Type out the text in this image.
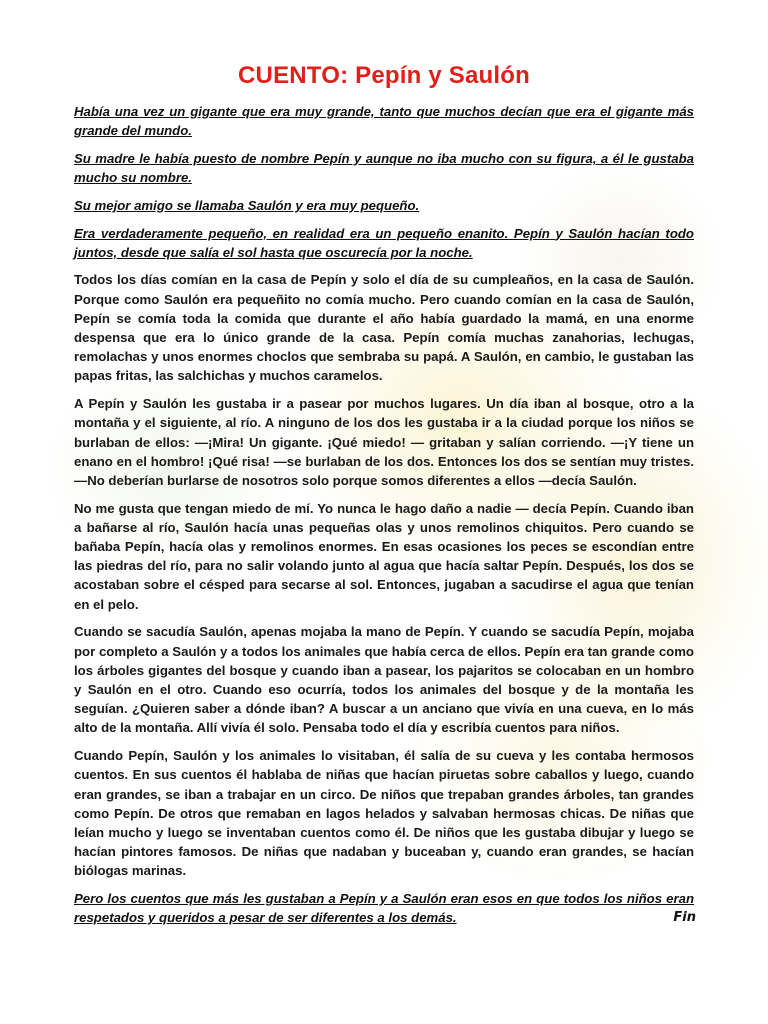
CUENTO: Pepín y Saulón

Había una vez un gigante que era muy grande, tanto que muchos decían que era el gigante más grande del mundo.

Su madre le había puesto de nombre Pepín y aunque no iba mucho con su figura, a él le gustaba mucho su nombre.

Su mejor amigo se llamaba Saulón y era muy pequeño.

Era verdaderamente pequeño, en realidad era un pequeño enanito. Pepín y Saulón hacían todo juntos, desde que salía el sol hasta que oscurecía por la noche.

Todos los días comían en la casa de Pepín y solo el día de su cumpleaños, en la casa de Saulón. Porque como Saulón era pequeñito no comía mucho. Pero cuando comían en la casa de Saulón, Pepín se comía toda la comida que durante el año había guardado la mamá, en una enorme despensa que era lo único grande de la casa. Pepín comía muchas zanahorias, lechugas, remolachas y unos enormes choclos que sembraba su papá. A Saulón, en cambio, le gustaban las papas fritas, las salchichas y muchos caramelos.

A Pepín y Saulón les gustaba ir a pasear por muchos lugares. Un día iban al bosque, otro a la montaña y el siguiente, al río. A ninguno de los dos les gustaba ir a la ciudad porque los niños se burlaban de ellos: —¡Mira! Un gigante. ¡Qué miedo! — gritaban y salían corriendo. —¡Y tiene un enano en el hombro! ¡Qué risa! —se burlaban de los dos. Entonces los dos se sentían muy tristes. —No deberían burlarse de nosotros solo porque somos diferentes a ellos —decía Saulón.

No me gusta que tengan miedo de mí. Yo nunca le hago daño a nadie — decía Pepín. Cuando iban a bañarse al río, Saulón hacía unas pequeñas olas y unos remolinos chiquitos. Pero cuando se bañaba Pepín, hacía olas y remolinos enormes. En esas ocasiones los peces se escondían entre las piedras del río, para no salir volando junto al agua que hacía saltar Pepín. Después, los dos se acostaban sobre el césped para secarse al sol. Entonces, jugaban a sacudirse el agua que tenían en el pelo.

Cuando se sacudía Saulón, apenas mojaba la mano de Pepín. Y cuando se sacudía Pepín, mojaba por completo a Saulón y a todos los animales que había cerca de ellos. Pepín era tan grande como los árboles gigantes del bosque y cuando iban a pasear, los pajaritos se colocaban en un hombro y Saulón en el otro. Cuando eso ocurría, todos los animales del bosque y de la montaña les seguían. ¿Quieren saber a dónde iban? A buscar a un anciano que vivía en una cueva, en lo más alto de la montaña. Allí vivía él solo. Pensaba todo el día y escribía cuentos para niños.

Cuando Pepín, Saulón y los animales lo visitaban, él salía de su cueva y les contaba hermosos cuentos. En sus cuentos él hablaba de niñas que hacían piruetas sobre caballos y luego, cuando eran grandes, se iban a trabajar en un circo. De niños que trepaban grandes árboles, tan grandes como Pepín. De otros que remaban en lagos helados y salvaban hermosas chicas. De niñas que leían mucho y luego se inventaban cuentos como él. De niños que les gustaba dibujar y luego se hacían pintores famosos. De niñas que nadaban y buceaban y, cuando eran grandes, se hacían biólogas marinas.

Pero los cuentos que más les gustaban a Pepín y a Saulón eran esos en que todos los niños eran respetados y queridos a pesar de ser diferentes a los demás.	Fin
